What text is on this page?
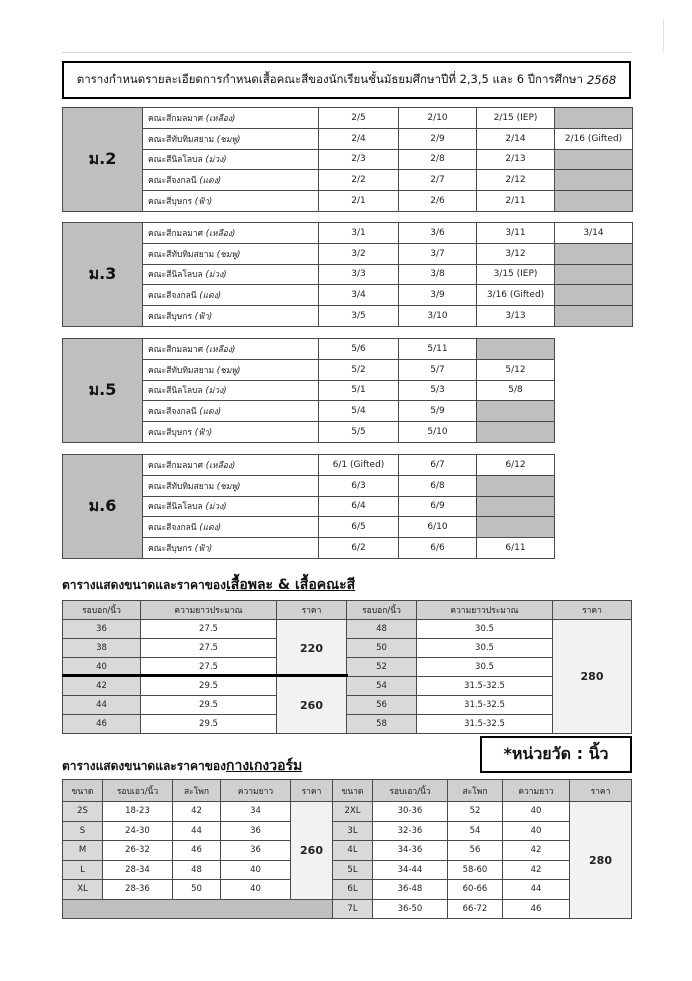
ตารางกำหนดรายละเอียดการกำหนดเสื้อคณะสีของนักเรียนชั้นมัธยมศึกษาปีที่ 2,3,5 และ 6 ปีการศึกษา 2568
ม.2	คณะสีกมลมาศ (เหลือง)	2/5	2/10	2/15 (IEP)	
	คณะสีทับทิมสยาม (ชมพู)	2/4	2/9	2/14	2/16 (Gifted)
	คณะสีนิลโลบล (ม่วง)	2/3	2/8	2/13	
	คณะสีจงกลนี (แดง)	2/2	2/7	2/12	
	คณะสีบุษกร (ฟ้า)	2/1	2/6	2/11	
ม.3	คณะสีกมลมาศ (เหลือง)	3/1	3/6	3/11	3/14
	คณะสีทับทิมสยาม (ชมพู)	3/2	3/7	3/12	
	คณะสีนิลโลบล (ม่วง)	3/3	3/8	3/15 (IEP)	
	คณะสีจงกลนี (แดง)	3/4	3/9	3/16 (Gifted)	
	คณะสีบุษกร (ฟ้า)	3/5	3/10	3/13	
ม.5	คณะสีกมลมาศ (เหลือง)	5/6	5/11	
	คณะสีทับทิมสยาม (ชมพู)	5/2	5/7	5/12
	คณะสีนิลโลบล (ม่วง)	5/1	5/3	5/8
	คณะสีจงกลนี (แดง)	5/4	5/9	
	คณะสีบุษกร (ฟ้า)	5/5	5/10	
ม.6	คณะสีกมลมาศ (เหลือง)	6/1 (Gifted)	6/7	6/12
	คณะสีทับทิมสยาม (ชมพู)	6/3	6/8	
	คณะสีนิลโลบล (ม่วง)	6/4	6/9	
	คณะสีจงกลนี (แดง)	6/5	6/10	
	คณะสีบุษกร (ฟ้า)	6/2	6/6	6/11
ตารางแสดงขนาดและราคาของเสื้อพละ & เสื้อคณะสี
รอบอก/นิ้ว	ความยาวประมาณ	ราคา	รอบอก/นิ้ว	ความยาวประมาณ	ราคา
36	27.5	220	48	30.5	280
38	27.5		50	30.5	
40	27.5		52	30.5	
42	29.5	260	54	31.5-32.5	
44	29.5		56	31.5-32.5	
46	29.5		58	31.5-32.5	
*หน่วยวัด : นิ้ว
ตารางแสดงขนาดและราคาของกางเกงวอร์ม
ขนาด	รอบเอว/นิ้ว	สะโพก	ความยาว	ราคา	ขนาด	รอบเอว/นิ้ว	สะโพก	ความยาว	ราคา
2S	18-23	42	34	260	2XL	30-36	52	40	280
S	24-30	44	36		3L	32-36	54	40	
M	26-32	46	36		4L	34-36	56	42	
L	28-34	48	40		5L	34-44	58-60	42	
XL	28-36	50	40		6L	36-48	60-66	44	
					7L	36-50	66-72	46	
